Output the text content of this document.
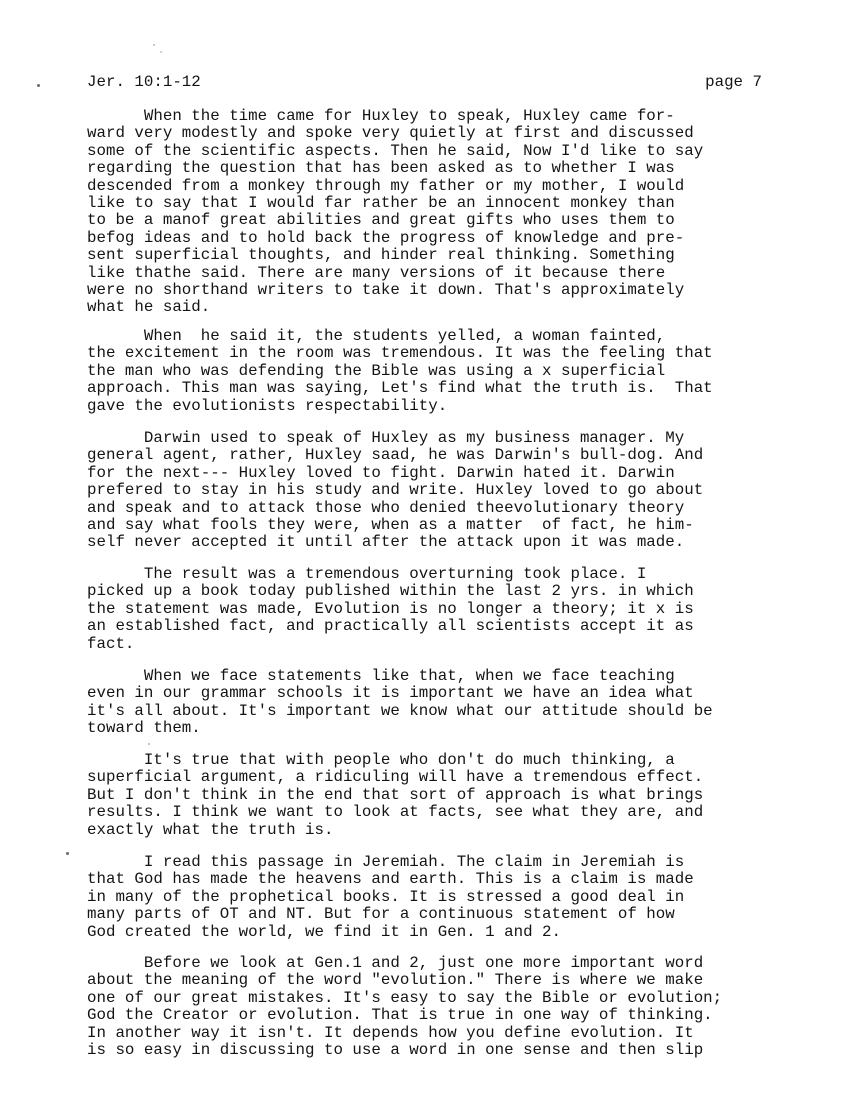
Jer. 10:1-12	page 7
When the time came for Huxley to speak, Huxley came for-
ward very modestly and spoke very quietly at first and discussed
some of the scientific aspects. Then he said, Now I'd like to say
regarding the question that has been asked as to whether I was
descended from a monkey through my father or my mother, I would
like to say that I would far rather be an innocent monkey than
to be a manof great abilities and great gifts who uses them to
befog ideas and to hold back the progress of knowledge and pre-
sent superficial thoughts, and hinder real thinking. Something
like thathe said. There are many versions of it because there
were no shorthand writers to take it down. That's approximately
what he said.
When  he said it, the students yelled, a woman fainted,
the excitement in the room was tremendous. It was the feeling that
the man who was defending the Bible was using a x superficial
approach. This man was saying, Let's find what the truth is.  That
gave the evolutionists respectability.
Darwin used to speak of Huxley as my business manager. My
general agent, rather, Huxley saad, he was Darwin's bull-dog. And
for the next--- Huxley loved to fight. Darwin hated it. Darwin
prefered to stay in his study and write. Huxley loved to go about
and speak and to attack those who denied theevolutionary theory
and say what fools they were, when as a matter  of fact, he him-
self never accepted it until after the attack upon it was made.
The result was a tremendous overturning took place. I
picked up a book today published within the last 2 yrs. in which
the statement was made, Evolution is no longer a theory; it x is
an established fact, and practically all scientists accept it as
fact.
When we face statements like that, when we face teaching
even in our grammar schools it is important we have an idea what
it's all about. It's important we know what our attitude should be
toward them.
It's true that with people who don't do much thinking, a
superficial argument, a ridiculing will have a tremendous effect.
But I don't think in the end that sort of approach is what brings
results. I think we want to look at facts, see what they are, and
exactly what the truth is.
I read this passage in Jeremiah. The claim in Jeremiah is
that God has made the heavens and earth. This is a claim is made
in many of the prophetical books. It is stressed a good deal in
many parts of OT and NT. But for a continuous statement of how
God created the world, we find it in Gen. 1 and 2.
Before we look at Gen.1 and 2, just one more important word
about the meaning of the word "evolution." There is where we make
one of our great mistakes. It's easy to say the Bible or evolution;
God the Creator or evolution. That is true in one way of thinking.
In another way it isn't. It depends how you define evolution. It
is so easy in discussing to use a word in one sense and then slip
